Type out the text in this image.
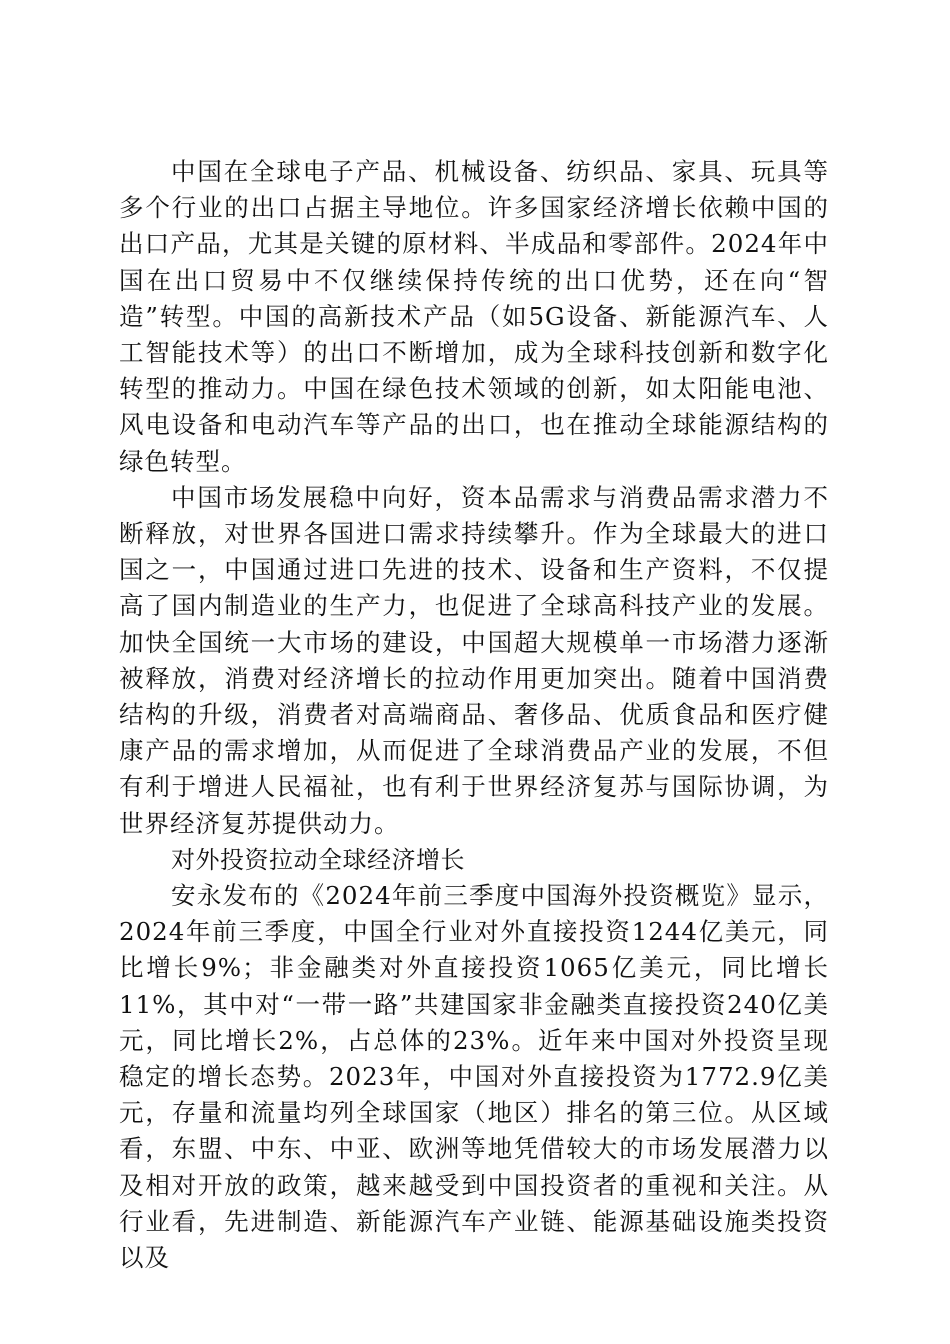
中国在全球电子产品、机械设备、纺织品、家具、玩具等多个行业的出口占据主导地位。许多国家经济增长依赖中国的出口产品，尤其是关键的原材料、半成品和零部件。2024年中国在出口贸易中不仅继续保持传统的出口优势，还在向“智造”转型。中国的高新技术产品（如5G设备、新能源汽车、人工智能技术等）的出口不断增加，成为全球科技创新和数字化转型的推动力。中国在绿色技术领域的创新，如太阳能电池、风电设备和电动汽车等产品的出口，也在推动全球能源结构的绿色转型。

中国市场发展稳中向好，资本品需求与消费品需求潜力不断释放，对世界各国进口需求持续攀升。作为全球最大的进口国之一，中国通过进口先进的技术、设备和生产资料，不仅提高了国内制造业的生产力，也促进了全球高科技产业的发展。加快全国统一大市场的建设，中国超大规模单一市场潜力逐渐被释放，消费对经济增长的拉动作用更加突出。随着中国消费结构的升级，消费者对高端商品、奢侈品、优质食品和医疗健康产品的需求增加，从而促进了全球消费品产业的发展，不但有利于增进人民福祉，也有利于世界经济复苏与国际协调，为世界经济复苏提供动力。

对外投资拉动全球经济增长

安永发布的《2024年前三季度中国海外投资概览》显示，2024年前三季度，中国全行业对外直接投资1244亿美元，同比增长9%；非金融类对外直接投资1065亿美元，同比增长11%，其中对“一带一路”共建国家非金融类直接投资240亿美元，同比增长2%，占总体的23%。近年来中国对外投资呈现稳定的增长态势。2023年，中国对外直接投资为1772.9亿美元，存量和流量均列全球国家（地区）排名的第三位。从区域看，东盟、中东、中亚、欧洲等地凭借较大的市场发展潜力以及相对开放的政策，越来越受到中国投资者的重视和关注。从行业看，先进制造、新能源汽车产业链、能源基础设施类投资以及
